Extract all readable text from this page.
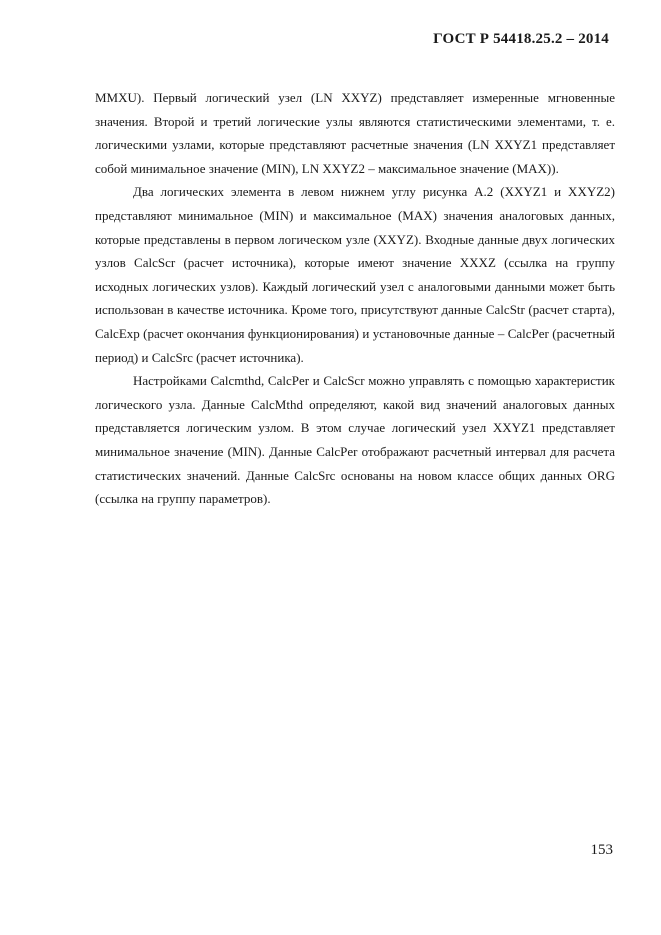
ГОСТ Р 54418.25.2 – 2014

MMXU). Первый логический узел (LN XXYZ) представляет измеренные мгновенные значения. Второй и третий логические узлы являются статистическими элементами, т. е. логическими узлами, которые представляют расчетные значения (LN XXYZ1 представляет собой минимальное значение (MIN), LN XXYZ2 – максимальное значение (MAX)).

Два логических элемента в левом нижнем углу рисунка А.2 (XXYZ1 и XXYZ2) представляют минимальное (MIN) и максимальное (MAX) значения аналоговых данных, которые представлены в первом логическом узле (XXYZ). Входные данные двух логических узлов CalcScr (расчет источника), которые имеют значение XXXZ (ссылка на группу исходных логических узлов). Каждый логический узел с аналоговыми данными может быть использован в качестве источника. Кроме того, присутствуют данные CalcStr (расчет старта), CalcExp (расчет окончания функционирования) и установочные данные – CalcPer (расчетный период) и CalcSrc (расчет источника).

Настройками Calcmthd, CalcPer и CalcScr можно управлять с помощью характеристик логического узла. Данные CalcMthd определяют, какой вид значений аналоговых данных представляется логическим узлом. В этом случае логический узел XXYZ1 представляет минимальное значение (MIN). Данные CalcPer отображают расчетный интервал для расчета статистических значений. Данные CalcSrc основаны на новом классе общих данных ORG (ссылка на группу параметров).

153
